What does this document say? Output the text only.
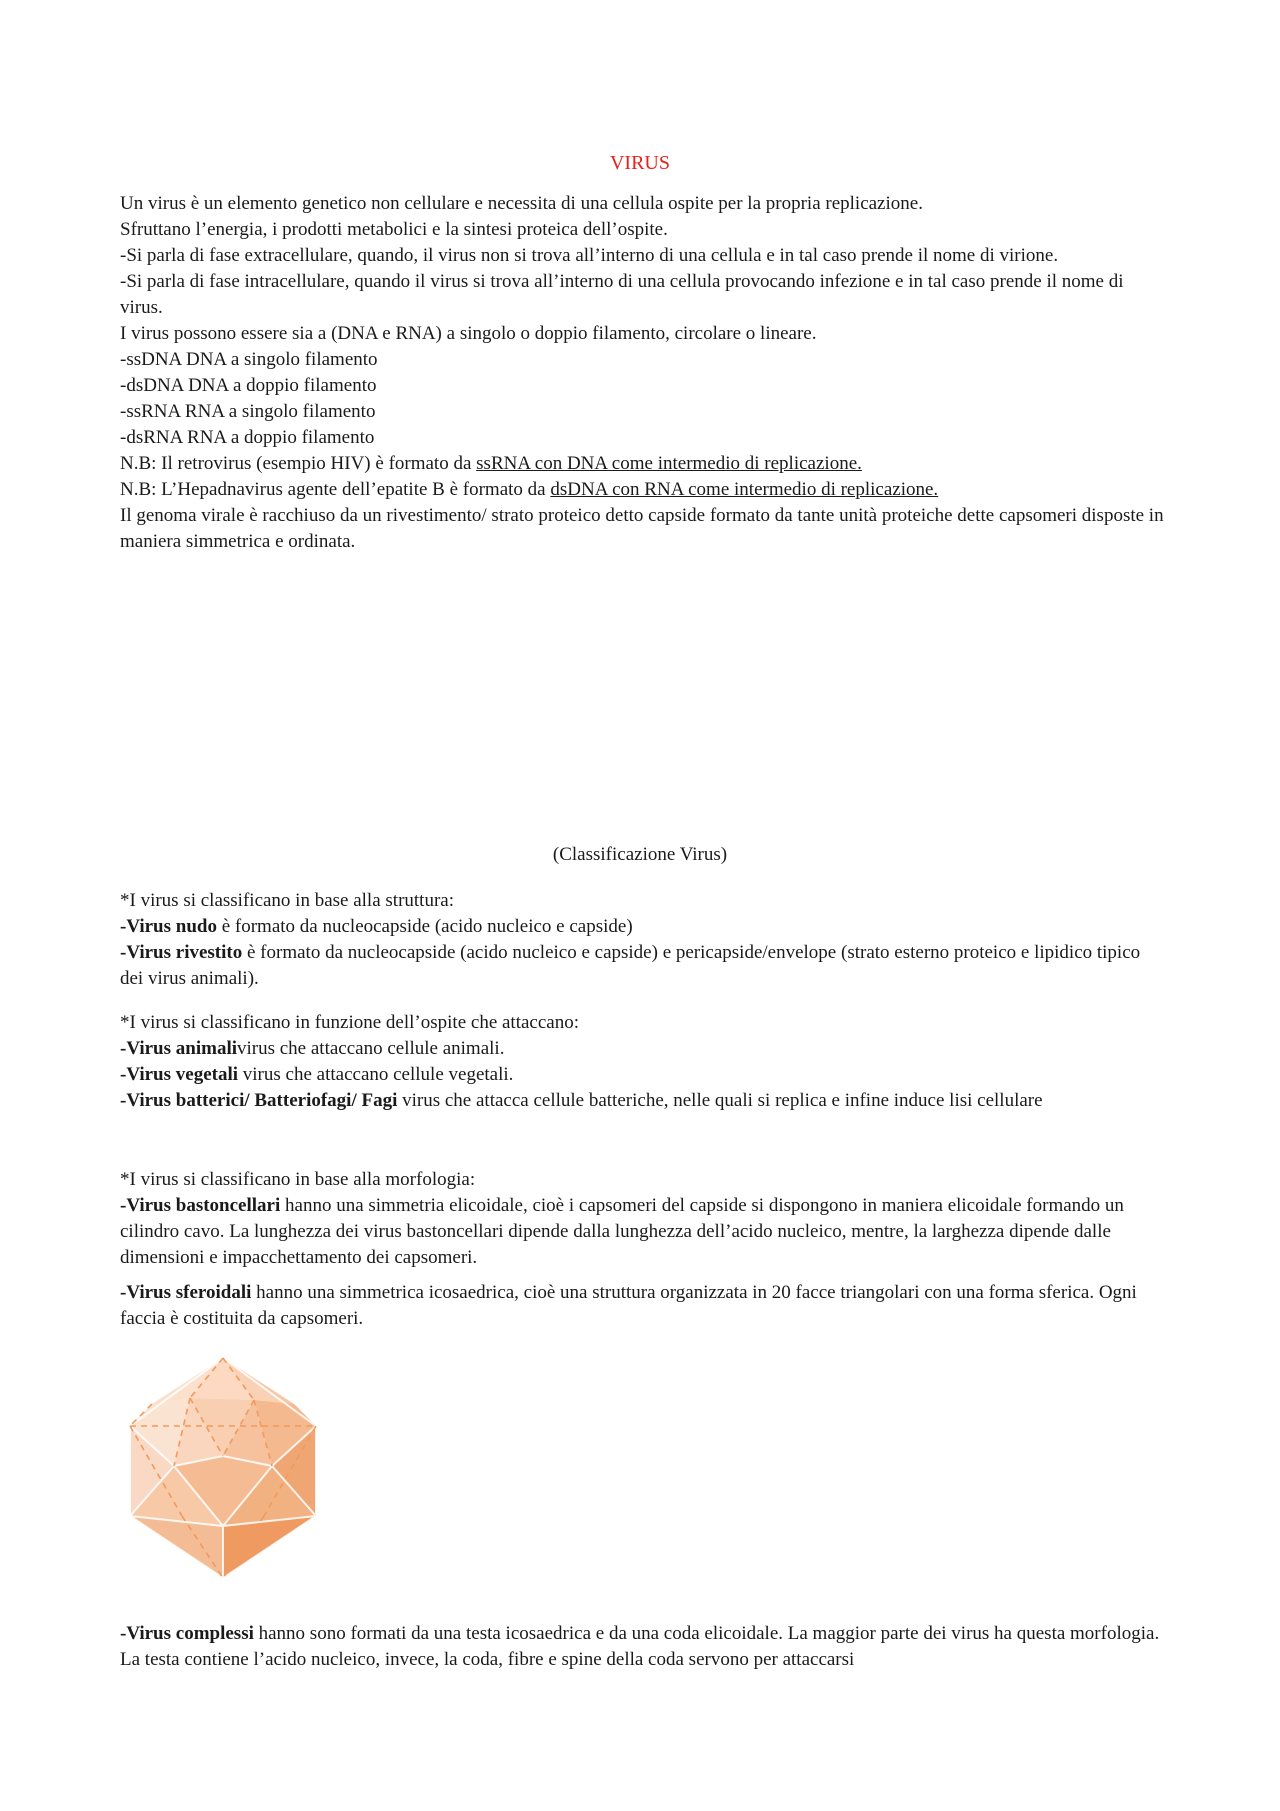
VIRUS

Un virus è un elemento genetico non cellulare e necessita di una cellula ospite per la propria replicazione.

Sfruttano l’energia, i prodotti metabolici e la sintesi proteica dell’ospite.

-Si parla di fase extracellulare, quando, il virus non si trova all’interno di una cellula e in tal caso prende il nome di virione.

-Si parla di fase intracellulare, quando il virus si trova all’interno di una cellula provocando infezione e in tal caso prende il nome di virus.

I virus possono essere sia a (DNA e RNA) a singolo o doppio filamento, circolare o lineare.

-ssDNA DNA a singolo filamento

-dsDNA DNA a doppio filamento

-ssRNA RNA a singolo filamento

-dsRNA RNA a doppio filamento

N.B: Il retrovirus (esempio HIV) è formato da ssRNA con DNA come intermedio di replicazione.

N.B: L’Hepadnavirus agente dell’epatite B è formato da dsDNA con RNA come intermedio di replicazione.

Il genoma virale è racchiuso da un rivestimento/ strato proteico detto capside formato da tante unità proteiche dette capsomeri disposte in maniera simmetrica e ordinata.

(Classificazione Virus)

*I virus si classificano in base alla struttura:

-Virus nudo è formato da nucleocapside (acido nucleico e capside)

-Virus rivestito è formato da nucleocapside (acido nucleico e capside) e pericapside/envelope (strato esterno proteico e lipidico tipico dei virus animali).

*I virus si classificano in funzione dell’ospite che attaccano:

-Virus animalivirus che attaccano cellule animali.

-Virus vegetali virus che attaccano cellule vegetali.

-Virus batterici/ Batteriofagi/ Fagi virus che attacca cellule batteriche, nelle quali si replica e infine induce lisi cellulare

*I virus si classificano in base alla morfologia:

-Virus bastoncellari hanno una simmetria elicoidale, cioè i capsomeri del capside si dispongono in maniera elicoidale formando un cilindro cavo. La lunghezza dei virus bastoncellari dipende dalla lunghezza dell’acido nucleico, mentre, la larghezza dipende dalle dimensioni e impacchettamento dei capsomeri.

-Virus sferoidali hanno una simmetrica icosaedrica, cioè una struttura organizzata in 20 facce triangolari con una forma sferica. Ogni faccia è costituita da capsomeri.

-Virus complessi hanno sono formati da una testa icosaedrica e da una coda elicoidale. La maggior parte dei virus ha questa morfologia. La testa contiene l’acido nucleico, invece, la coda, fibre e spine della coda servono per attaccarsi
